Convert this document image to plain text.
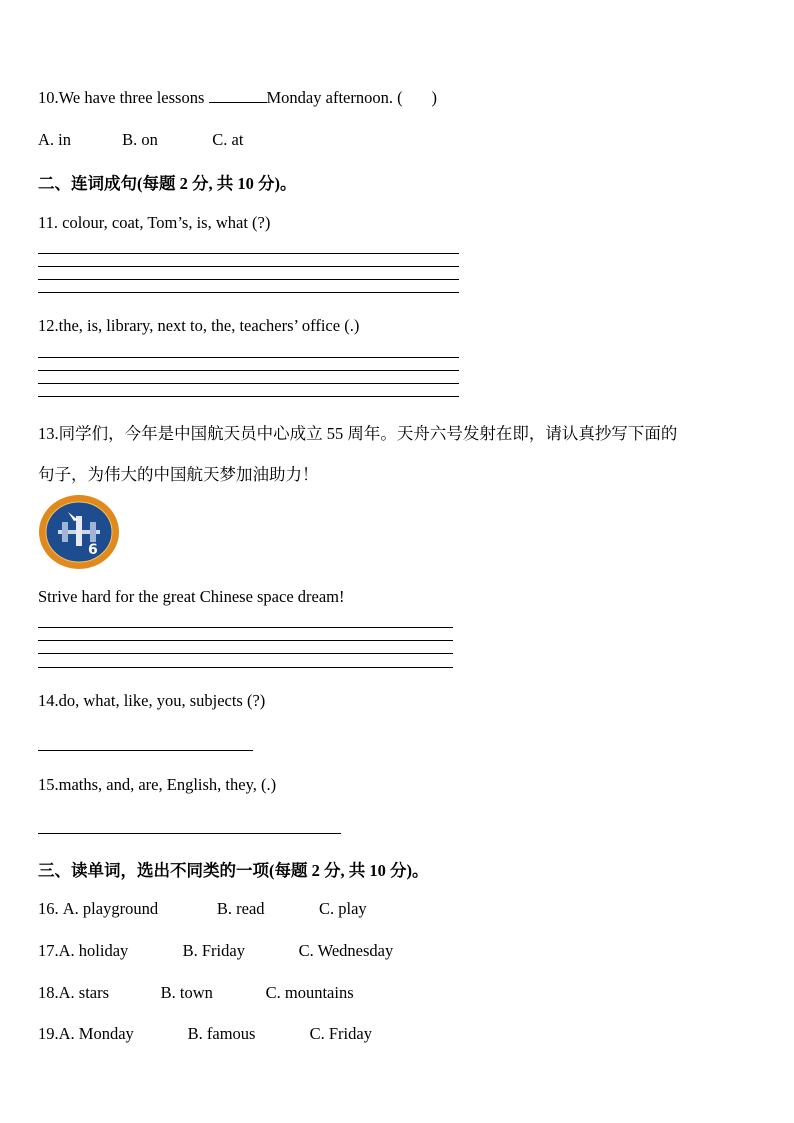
10.We have three lessons	Monday afternoon. (       )
A. in	B. on	C. at
二、连词成句(每题 2 分, 共 10 分)。
11. colour, coat, Tom’s, is, what (?)
12.the, is, library, next to, the, teachers’ office (.)
13.同学们，今年是中国航天员中心成立 55 周年。天舟六号发射在即，请认真抄写下面的
句子，为伟大的中国航天梦加油助力！
6
Strive hard for the great Chinese space dream!
14.do, what, like, you, subjects (?)
15.maths, and, are, English, they, (.)
三、读单词，选出不同类的一项(每题 2 分, 共 10 分)。
16. A. playground	B. read	C. play
17.A. holiday	B. Friday	C. Wednesday
18.A. stars	B. town	C. mountains
19.A. Monday	B. famous	C. Friday
